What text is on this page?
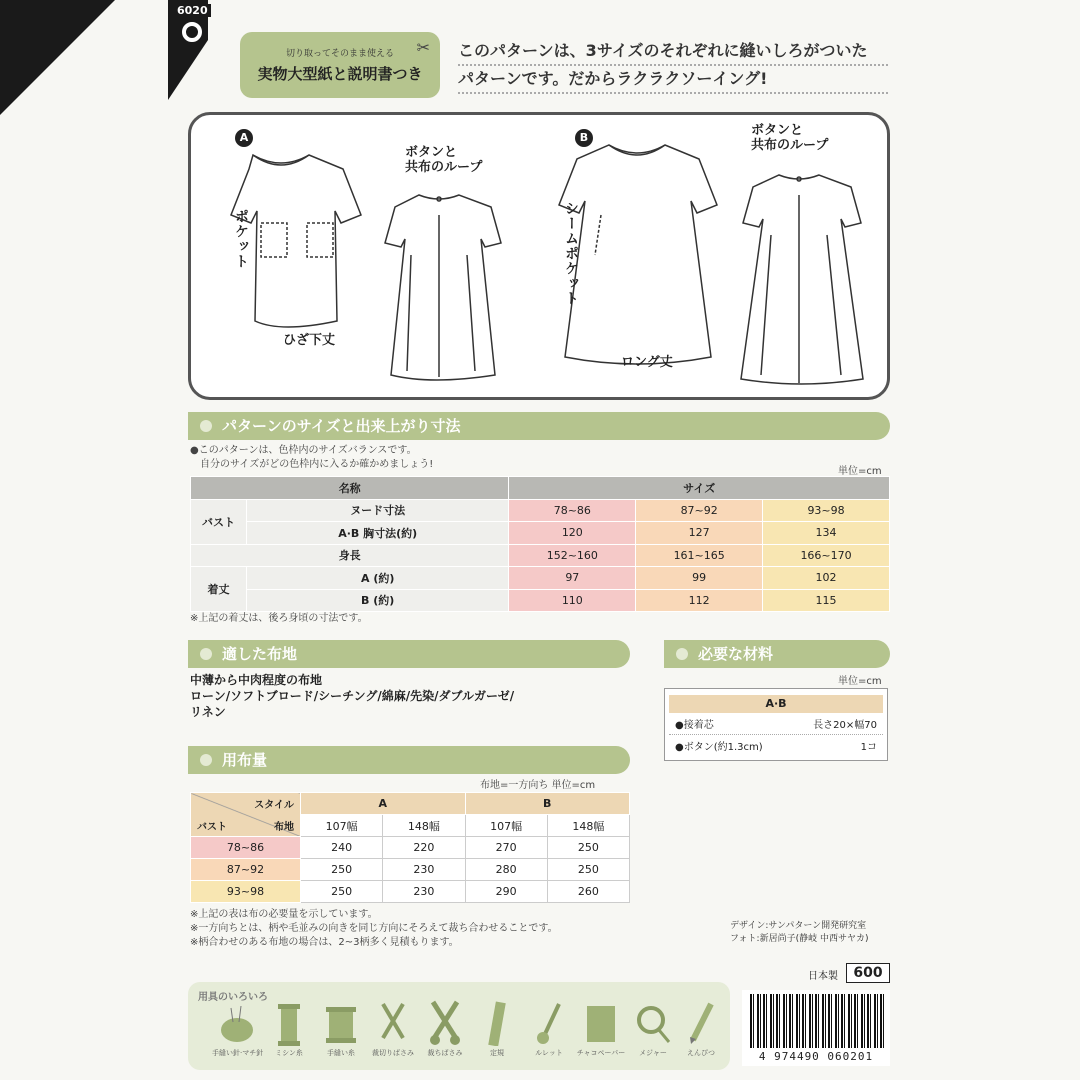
6020
切り取ってそのまま使える
実物大型紙と説明書つき
✂ このパターンは、3サイズのそれぞれに縫いしろがついた
パターンです。だからラクラクソーイング!
A	B
ポケット
ボタンと
共布のループ
ひざ下丈
シームポケット
ボタンと
共布のループ
ロング丈
パターンのサイズと出来上がり寸法
●このパターンは、色枠内のサイズバランスです。
自分のサイズがどの色枠内に入るか確かめましょう!
単位=cm
名称		サイズ		
バスト	ヌード寸法	78~86	87~92	93~98
	A·B 胸寸法(約)	120	127	134
身長		152~160	161~165	166~170
着丈	A (約)	97	99	102
	B (約)	110	112	115
※上記の着丈は、後ろ身頃の寸法です。
適した布地
中薄から中肉程度の布地
ローン/ソフトブロード/シーチング/綿麻/先染/ダブルガーゼ/
リネン
必要な材料
単位=cm
A·B
●接着芯	長さ20×幅70
●ボタン(約1.3cm)	1コ
用布量
布地=一方向ち 単位=cm
スタイル
バスト 布地	A		B	
	107幅	148幅	107幅	148幅
78~86	240	220	270	250
87~92	250	230	280	250
93~98	250	230	290	260
※上記の表は布の必要量を示しています。
※一方向ちとは、柄や毛並みの向きを同じ方向にそろえて裁ち合わせることです。
※柄合わせのある布地の場合は、2~3柄多く見積もります。
デザイン:サンパターン開発研究室
フォト:新居尚子(静岐 中西サヤカ)
日本製	600
用具のいろいろ
手縫い針·マチ針	ミシン糸	手縫い糸	裁切りばさみ	裁ちばさみ	定規	ルレット	チャコペーパー	メジャー	えんぴつ	4 974490 060201
